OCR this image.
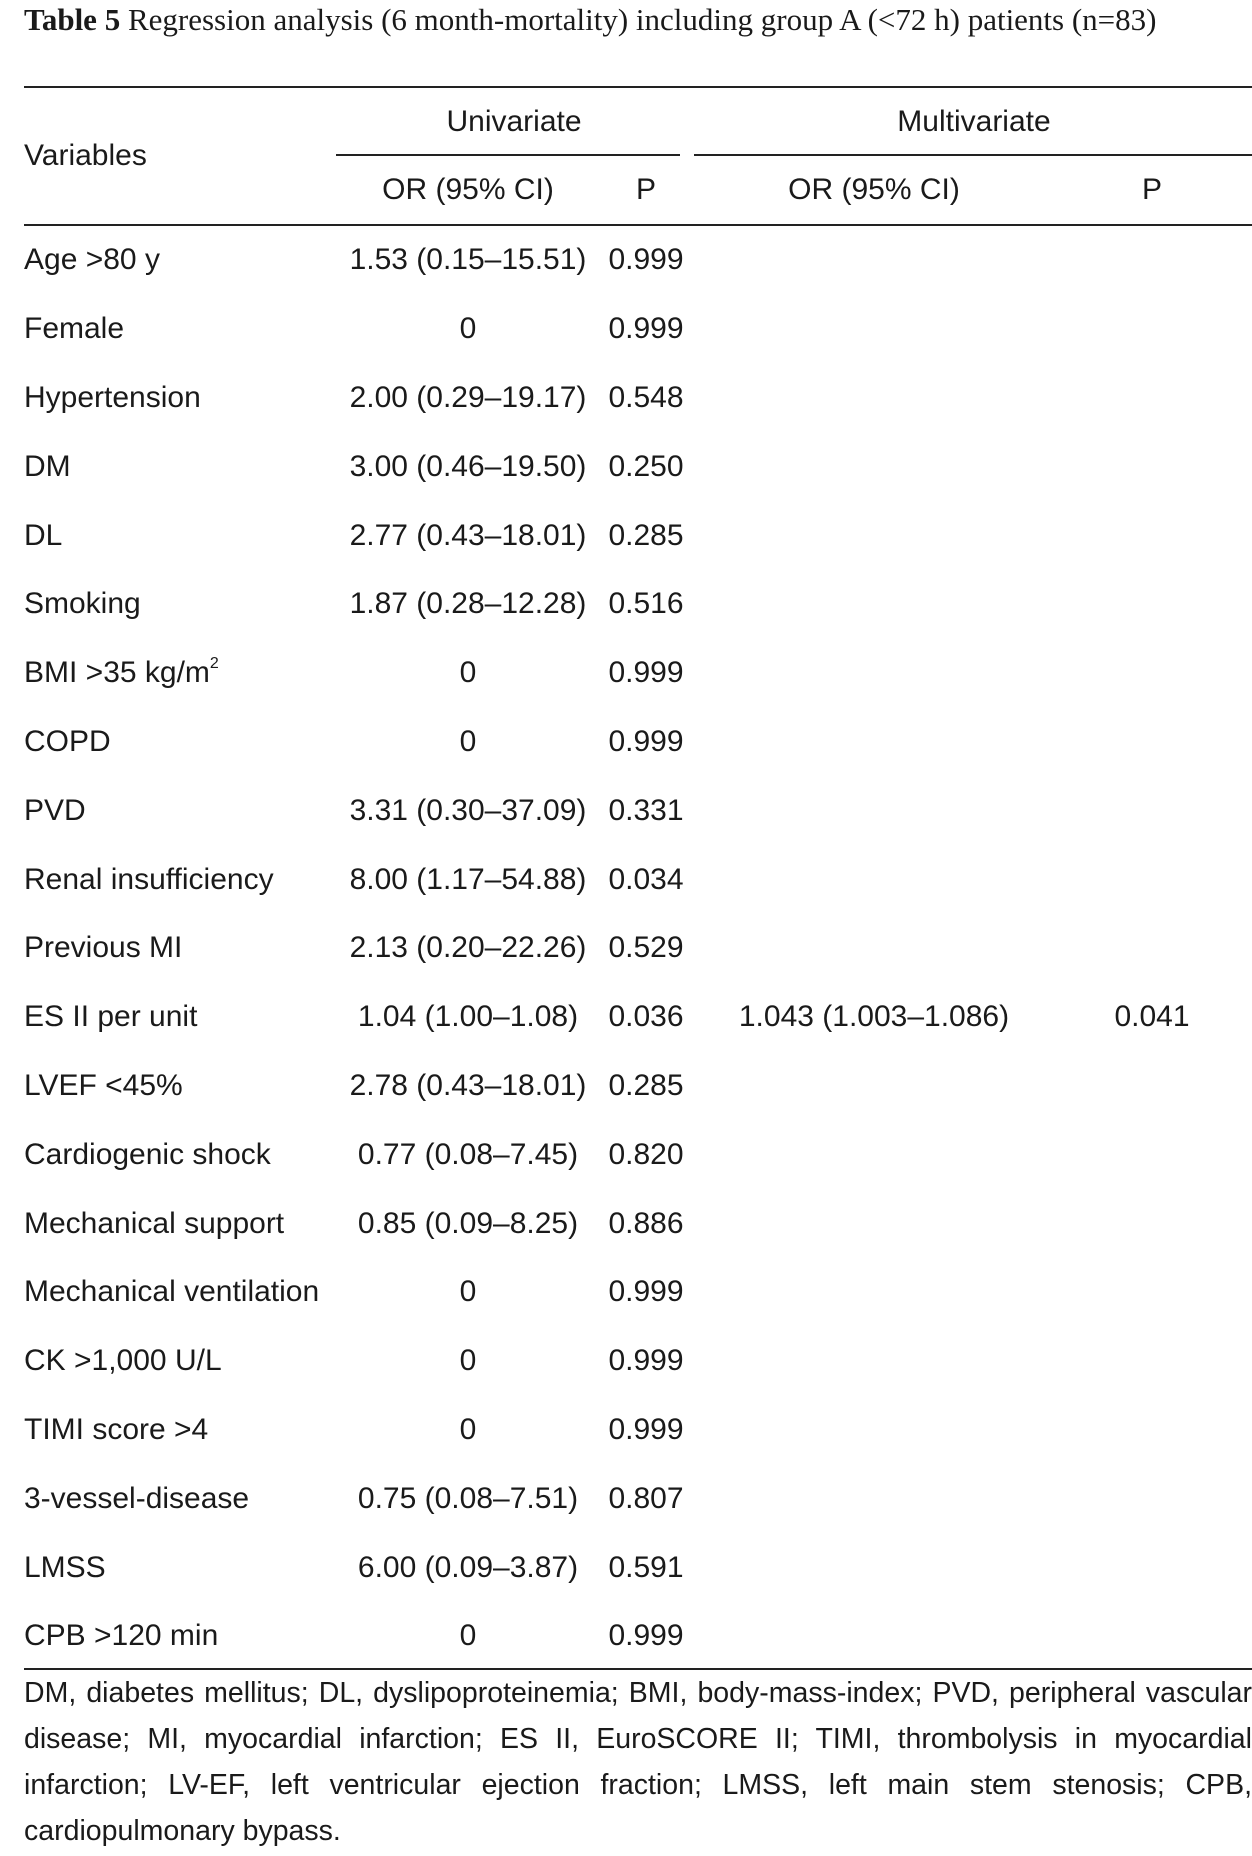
Table 5 Regression analysis (6 month-mortality) including group A (<72 h) patients (n=83)

Variables	Univariate			Multivariate	

	OR (95% CI)	P		OR (95% CI)	P
Age >80 y	1.53 (0.15–15.51)	0.999			
Female	0	0.999			
Hypertension	2.00 (0.29–19.17)	0.548			
DM	3.00 (0.46–19.50)	0.250			
DL	2.77 (0.43–18.01)	0.285			
Smoking	1.87 (0.28–12.28)	0.516			
BMI >35 $kg/m^2$	0	0.999			
COPD	0	0.999			
PVD	3.31 (0.30–37.09)	0.331			
Renal insufficiency	8.00 (1.17–54.88)	0.034			
Previous MI	2.13 (0.20–22.26)	0.529			
ES II per unit	1.04 (1.00–1.08)	0.036		1.043 (1.003–1.086)	0.041
LVEF <45%	2.78 (0.43–18.01)	0.285			
Cardiogenic shock	0.77 (0.08–7.45)	0.820			
Mechanical support	0.85 (0.09–8.25)	0.886			
Mechanical ventilation	0	0.999			
CK >1,000 U/L	0	0.999			
TIMI score >4	0	0.999			
3-vessel-disease	0.75 (0.08–7.51)	0.807			
LMSS	6.00 (0.09–3.87)	0.591			
CPB >120 min	0	0.999			

DM, diabetes mellitus; DL, dyslipoproteinemia; BMI, body-mass-index; PVD, peripheral vascular disease; MI, myocardial infarction; ES II, EuroSCORE II; TIMI, thrombolysis in myocardial infarction; LV-EF, left ventricular ejection fraction; LMSS, left main stem stenosis; CPB, cardiopulmonary bypass.
